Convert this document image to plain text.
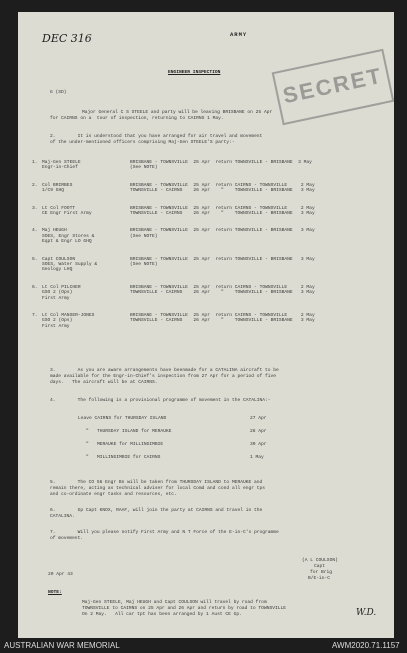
DEC 316	ARMY
SECRET
ENGINEER INSPECTION
G (SD)
Major General C S STEELE and party will be leaving BRISBANE on 25 Apr
for CAIRNS on a  tour of inspection, returning to CAIRNS 1 May.
2.        It is understood that you have arranged for air travel and movement
of the under-mentioned officers comprising Maj-Gen STEELE'S party:-
1. Maj-Gen STEELE
Engr-in-Chief
BRISBANE - TOWNSVILLE  25 Apr  return TOWNSVILLE - BRISBANE  3 May
(See NOTE)
2. Col BRIRBES
1/C9 GHQ
BRISBANE - TOWNSVILLE  25 Apr  return CAIRNS - TOWNSVILLE     2 May
TOWNSVILLE - CAIRNS    26 Apr    "    TOWNSVILLE - BRISBANE   3 May
3. Lt Col FOOTT
CE Engr First Army
BRISBANE - TOWNSVILLE  25 Apr  return CAIRNS - TOWNSVILLE     2 May
TOWNSVILLE - CAIRNS    26 Apr    "    TOWNSVILLE - BRISBANE   3 May
4. Maj HEUGH
SOES, Engr Stores &
Eqpt & Engr LO GHQ
BRISBANE - TOWNSVILLE  25 Apr  return TOWNSVILLE - BRISBANE   3 May
(See NOTE)
5. Capt COULSON
SOES, Water Supply &
Geology LHQ
BRISBANE - TOWNSVILLE  25 Apr  return TOWNSVILLE - BRISBANE   3 May
(See NOTE)
6. Lt Col PILCHER
GSO 2 (Ops)
First Army
BRISBANE - TOWNSVILLE  25 Apr  return CAIRNS - TOWNSVILLE     2 May
TOWNSVILLE - CAIRNS    26 Apr    "    TOWNSVILLE - BRISBANE   3 May
7. Lt Col MANSER-JONES
GSO 2 (Ops)
First Army
BRISBANE - TOWNSVILLE  25 Apr  return CAIRNS - TOWNSVILLE     2 May
TOWNSVILLE - CAIRNS    26 Apr    "    TOWNSVILLE - BRISBANE   3 May
3.        As you are aware arrangements have beenmade for a CATALINA aircraft to be
made available for the Engr-in-Chief's inspection from 27 Apr for a period of five
days.   The aircraft will be at CAIRNS.
4.        The following is a provisional programme of movement in the CATALINA:-
Leave CAIRNS for THURSDAY ISLAND	27 Apr
"   THURSDAY ISLAND for MERAUKE	28 Apr
"   MERAUKE for MILLINGIMBIE	30 Apr
"   MILLINGIMBIE for CAIRNS	1 May
5.        The CO 56 Engr Bn will be taken from THURSDAY ISLAND to MERAUKE and
remain there, acting as technical adviser for local Comd and cond all engr tps
and co-ordinate engr tasks and resources, etc.
6.        Gp Capt KNOX, RAAF, will join the party at CAIRNS and travel in the
CATALINA.
7.        Will you please notify First Army and N T Force of the E-in-C's programme
of movement.
(A L COULSON)
Capt
for Brig
B/E-in-C
20 Apr 43
NOTE:
Maj-Gen STEELE, Maj HEUGH and Capt COULSON will travel by road from
TOWNSVILLE to CAIRNS on 25 Apr and 26 Apr and return by road to TOWNSVILLE
On 2 May.   All car tpt has been arranged by 1 Aust CE Gp.	W.D.
AUSTRALIAN WAR MEMORIAL	AWM2020.71.1157
